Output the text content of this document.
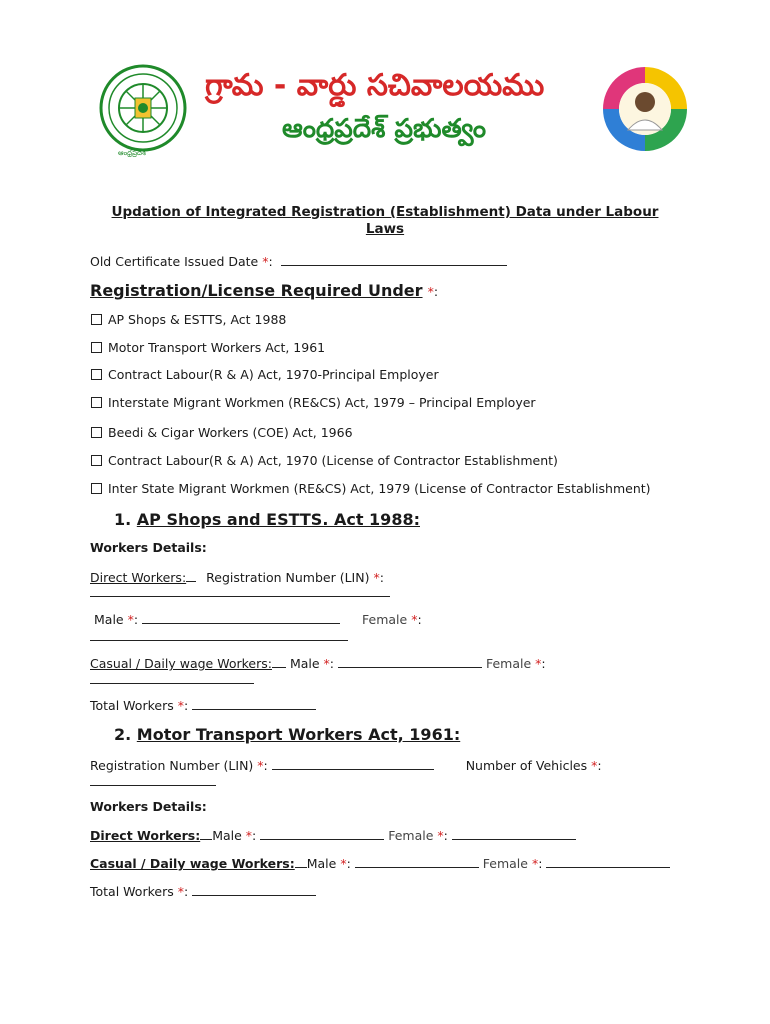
ఆంధ్రప్రదేశ్
గ్రామ - వార్డు సచివాలయము
ఆంధ్రప్రదేశ్ ప్రభుత్వం
Updation of Integrated Registration (Establishment) Data under Labour
Laws
Old Certificate Issued Date *:
Registration/License Required Under *:
AP Shops & ESTTS, Act 1988
Motor Transport Workers Act, 1961
Contract Labour(R & A) Act, 1970-Principal Employer
Interstate Migrant Workmen (RE&CS) Act, 1979 – Principal Employer
Beedi & Cigar Workers (COE) Act, 1966
Contract Labour(R & A) Act, 1970 (License of Contractor Establishment)
Inter State Migrant Workmen (RE&CS) Act, 1979 (License of Contractor Establishment)
1. AP Shops and ESTTS. Act 1988:
Workers Details:
Direct Workers: Registration Number (LIN) *:
Male *:	Female *:
Casual / Daily wage Workers: Male *:	Female *:
Total Workers *:
2. Motor Transport Workers Act, 1961:
Registration Number (LIN) *:	Number of Vehicles *:
Workers Details:
Direct Workers: Male *:	Female *:
Casual / Daily wage Workers: Male *:	Female *:
Total Workers *:
